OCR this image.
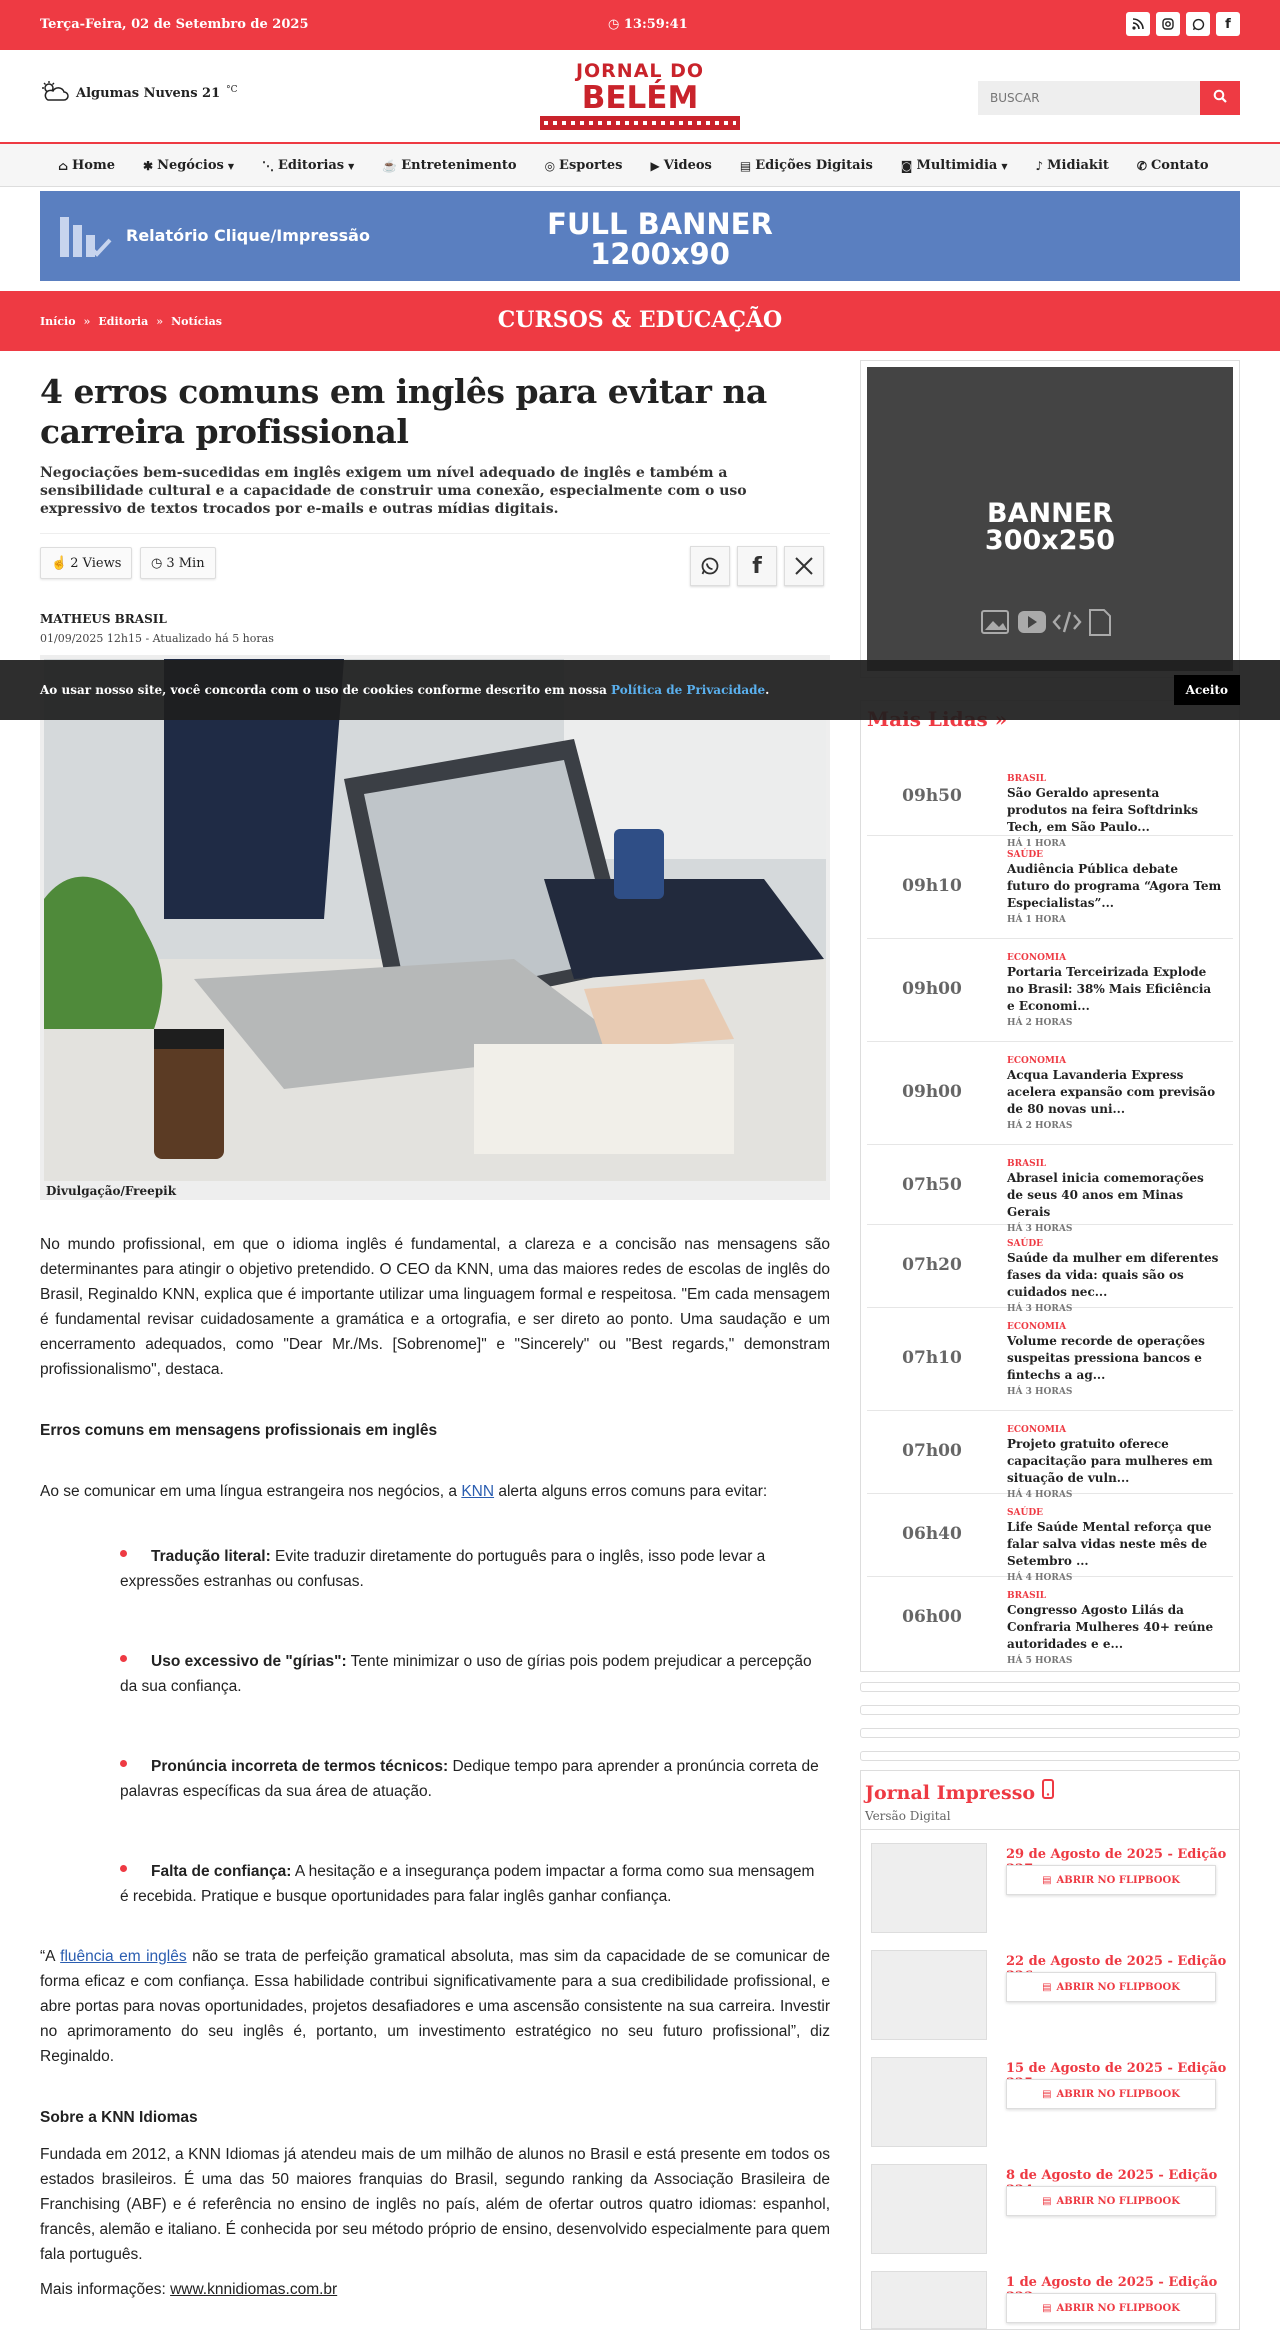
Terça-Feira, 02 de Setembro de 2025	◷ 13:59:41	f
Algumas Nuvens 21 °C
JORNAL DO
BELÉM
BUSCAR
⌂ Home ✱ Negócios ▼ ⋱ Editorias ▼ ☕ Entretenimento ◎ Esportes ▶ Videos ▤ Edições Digitais ◙ Multimidia ▼ ♪ Midiakit ✆ Contato
Relatório Clique/Impressão	FULL BANNER
1200x90
CURSOS & EDUCAÇÃO
Início » Editoria » Notícias
4 erros comuns em inglês para evitar na carreira profissional
Negociações bem-sucedidas em inglês exigem um nível adequado de inglês e também a sensibilidade cultural e a capacidade de construir uma conexão, especialmente com o uso expressivo de textos trocados por e-mails e outras mídias digitais.
☝ 2 Views ◷ 3 Min	f
MATHEUS BRASIL
01/09/2025 12h15 - Atualizado há 5 horas
Divulgação/Freepik

No mundo profissional, em que o idioma inglês é fundamental, a clareza e a concisão nas mensagens são determinantes para atingir o objetivo pretendido. O CEO da KNN, uma das maiores redes de escolas de inglês do Brasil, Reginaldo KNN, explica que é importante utilizar uma linguagem formal e respeitosa. "Em cada mensagem é fundamental revisar cuidadosamente a gramática e a ortografia, e ser direto ao ponto. Uma saudação e um encerramento adequados, como "Dear Mr./Ms. [Sobrenome]" e "Sincerely" ou "Best regards," demonstram profissionalismo", destaca.

Erros comuns em mensagens profissionais em inglês

Ao se comunicar em uma língua estrangeira nos negócios, a KNN alerta alguns erros comuns para evitar:

Tradução literal: Evite traduzir diretamente do português para o inglês, isso pode levar a expressões estranhas ou confusas.

Uso excessivo de "gírias": Tente minimizar o uso de gírias pois podem prejudicar a percepção da sua confiança.

Pronúncia incorreta de termos técnicos: Dedique tempo para aprender a pronúncia correta de palavras específicas da sua área de atuação.

Falta de confiança: A hesitação e a insegurança podem impactar a forma como sua mensagem é recebida. Pratique e busque oportunidades para falar inglês ganhar confiança.

“A fluência em inglês não se trata de perfeição gramatical absoluta, mas sim da capacidade de se comunicar de forma eficaz e com confiança. Essa habilidade contribui significativamente para a sua credibilidade profissional, e abre portas para novas oportunidades, projetos desafiadores e uma ascensão consistente na sua carreira. Investir no aprimoramento do seu inglês é, portanto, um investimento estratégico no seu futuro profissional”, diz Reginaldo.

Sobre a KNN Idiomas

Fundada em 2012, a KNN Idiomas já atendeu mais de um milhão de alunos no Brasil e está presente em todos os estados brasileiros. É uma das 50 maiores franquias do Brasil, segundo ranking da Associação Brasileira de Franchising (ABF) e é referência no ensino de inglês no país, além de ofertar outros quatro idiomas: espanhol, francês, alemão e italiano. É conhecida por seu método próprio de ensino, desenvolvido especialmente para quem fala português.

Mais informações: www.knnidiomas.com.br

BANNER
300x250
09h50
BRASIL
São Geraldo apresenta produtos na feira Softdrinks Tech, em São Paulo...
HÁ 1 HORA
09h10
SAÚDE
Audiência Pública debate futuro do programa “Agora Tem Especialistas”...
HÁ 1 HORA
09h00
ECONOMIA
Portaria Terceirizada Explode no Brasil: 38% Mais Eficiência e Economi...
HÁ 2 HORAS
09h00
ECONOMIA
Acqua Lavanderia Express acelera expansão com previsão de 80 novas uni...
HÁ 2 HORAS
07h50
BRASIL
Abrasel inicia comemorações de seus 40 anos em Minas Gerais
HÁ 3 HORAS
07h20
SAÚDE
Saúde da mulher em diferentes fases da vida: quais são os cuidados nec...
HÁ 3 HORAS
07h10
ECONOMIA
Volume recorde de operações suspeitas pressiona bancos e fintechs a ag...
HÁ 3 HORAS
07h00
ECONOMIA
Projeto gratuito oferece capacitação para mulheres em situação de vuln...
HÁ 4 HORAS
06h40
SAÚDE
Life Saúde Mental reforça que falar salva vidas neste mês de Setembro ...
HÁ 4 HORAS
06h00
BRASIL
Congresso Agosto Lilás da Confraria Mulheres 40+ reúne autoridades e e...
HÁ 5 HORAS
Jornal Impresso
Versão Digital
29 de Agosto de 2025 - Edição
▤ ABRIR NO FLIPBOOK
22 de Agosto de 2025 - Edição
▤ ABRIR NO FLIPBOOK
15 de Agosto de 2025 - Edição
▤ ABRIR NO FLIPBOOK
8 de Agosto de 2025 - Edição
▤ ABRIR NO FLIPBOOK
1 de Agosto de 2025 - Edição
▤ ABRIR NO FLIPBOOK
Ao usar nosso site, você concorda com o uso de cookies conforme descrito em nossa Política de Privacidade.	Aceito
